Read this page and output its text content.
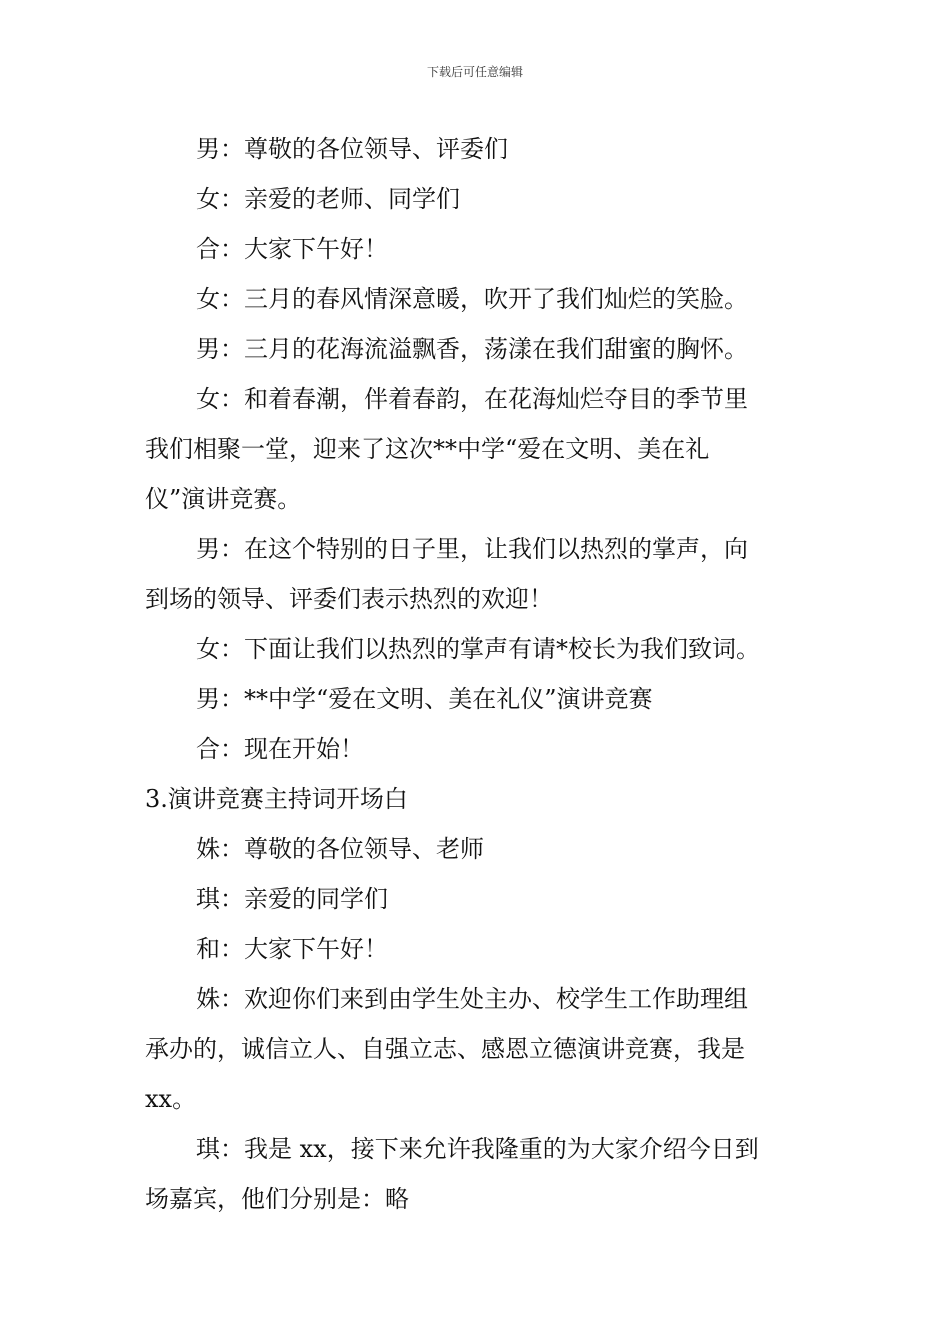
下载后可任意编辑

男：尊敬的各位领导、评委们

女：亲爱的老师、同学们

合：大家下午好！

女：三月的春风情深意暖，吹开了我们灿烂的笑脸。

男：三月的花海流溢飘香，荡漾在我们甜蜜的胸怀。

女：和着春潮，伴着春韵，在花海灿烂夺目的季节里

我们相聚一堂，迎来了这次**中学“爱在文明、美在礼

仪”演讲竞赛。

男：在这个特别的日子里，让我们以热烈的掌声，向

到场的领导、评委们表示热烈的欢迎！

女：下面让我们以热烈的掌声有请*校长为我们致词。

男：**中学“爱在文明、美在礼仪”演讲竞赛

合：现在开始！

3.演讲竞赛主持词开场白

姝：尊敬的各位领导、老师

琪：亲爱的同学们

和：大家下午好！

姝：欢迎你们来到由学生处主办、校学生工作助理组

承办的，诚信立人、自强立志、感恩立德演讲竞赛，我是

xx。

琪：我是 xx，接下来允许我隆重的为大家介绍今日到

场嘉宾，他们分别是：略
